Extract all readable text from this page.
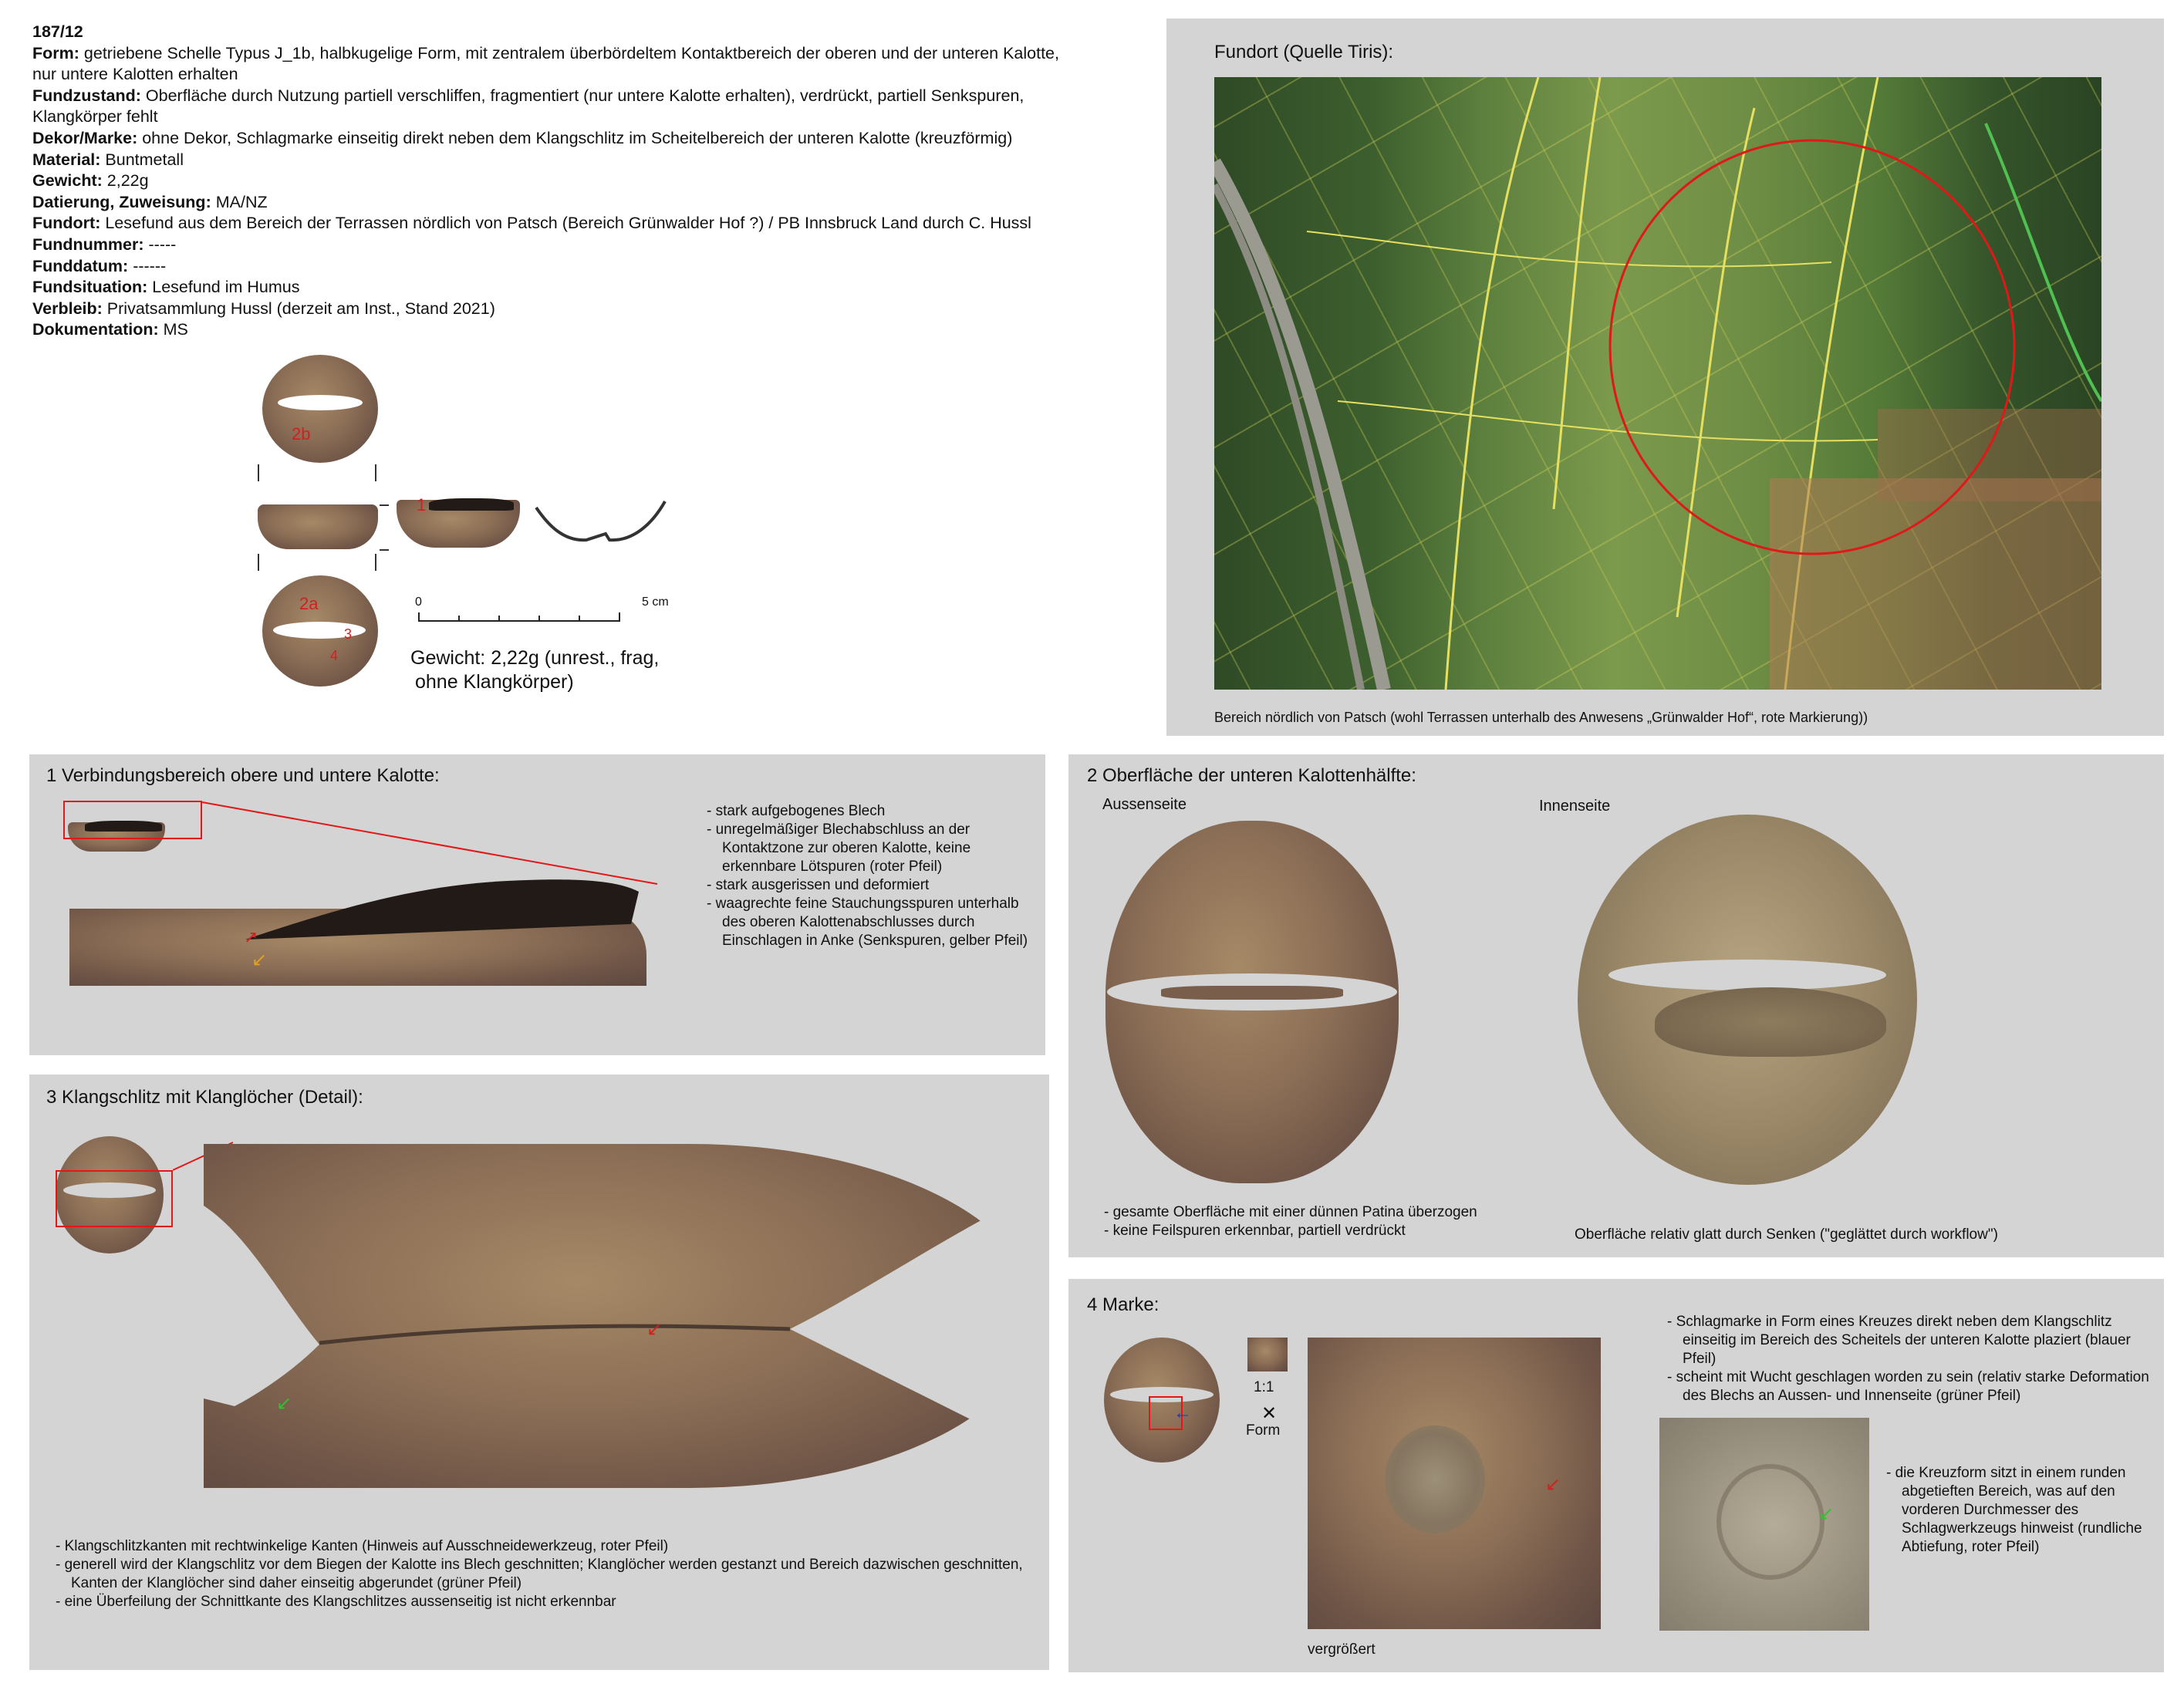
187/12
Form: getriebene Schelle Typus J_1b, halbkugelige Form, mit zentralem überbördeltem Kontaktbereich der oberen und der unteren Kalotte,
nur untere Kalotten erhalten
Fundzustand: Oberfläche durch Nutzung partiell verschliffen, fragmentiert (nur untere Kalotte erhalten), verdrückt, partiell Senkspuren,
Klangkörper fehlt
Dekor/Marke: ohne Dekor, Schlagmarke einseitig direkt neben dem Klangschlitz im Scheitelbereich der unteren Kalotte (kreuzförmig)
Material: Buntmetall
Gewicht: 2,22g
Datierung, Zuweisung: MA/NZ
Fundort: Lesefund aus dem Bereich der Terrassen nördlich von Patsch (Bereich Grünwalder Hof ?) / PB Innsbruck Land durch C. Hussl
Fundnummer: -----
Funddatum: ------
Fundsituation: Lesefund im Humus
Verbleib: Privatsammlung Hussl (derzeit am Inst., Stand 2021)
Dokumentation: MS
2b
1
2a
3
4
0	5 cm
Gewicht: 2,22g (unrest., frag,
ohne Klangkörper)
Fundort (Quelle Tiris):
Bereich nördlich von Patsch (wohl Terrassen unterhalb des Anwesens „Grünwalder Hof“, rote Markierung))
1 Verbindungsbereich obere und untere Kalotte:
↗
↙
- stark aufgebogenes Blech
- unregelmäßiger Blechabschluss an der Kontaktzone zur oberen Kalotte, keine erkennbare Lötspuren (roter Pfeil)
- stark ausgerissen und deformiert
- waagrechte feine Stauchungsspuren unterhalb des oberen Kalottenabschlusses durch Einschlagen in Anke (Senkspuren, gelber Pfeil)
2 Oberfläche der unteren Kalottenhälfte:
Aussenseite	Innenseite
- gesamte Oberfläche mit einer dünnen Patina überzogen
- keine Feilspuren erkennbar, partiell verdrückt	Oberfläche relativ glatt durch Senken ("geglättet durch workflow")
3 Klangschlitz mit Klanglöcher (Detail):
↙
↙
- Klangschlitzkanten mit rechtwinkelige Kanten (Hinweis auf Ausschneidewerkzeug, roter Pfeil)
- generell wird der Klangschlitz vor dem Biegen der Kalotte ins Blech geschnitten; Klanglöcher werden gestanzt und Bereich dazwischen geschnitten, Kanten der Klanglöcher sind daher einseitig abgerundet (grüner Pfeil)
- eine Überfeilung der Schnittkante des Klangschlitzes aussenseitig ist nicht erkennbar
4 Marke:
←
1:1
✕
Form
↙
vergrößert
- Schlagmarke in Form eines Kreuzes direkt neben dem Klangschlitz einseitig im Bereich des Scheitels der unteren Kalotte plaziert (blauer Pfeil)
- scheint mit Wucht geschlagen worden zu sein (relativ starke Deformation des Blechs an Aussen- und Innenseite (grüner Pfeil)
↙
- die Kreuzform sitzt in einem runden abgetieften Bereich, was auf den vorderen Durchmesser des Schlagwerkzeugs hinweist (rundliche Abtiefung, roter Pfeil)
